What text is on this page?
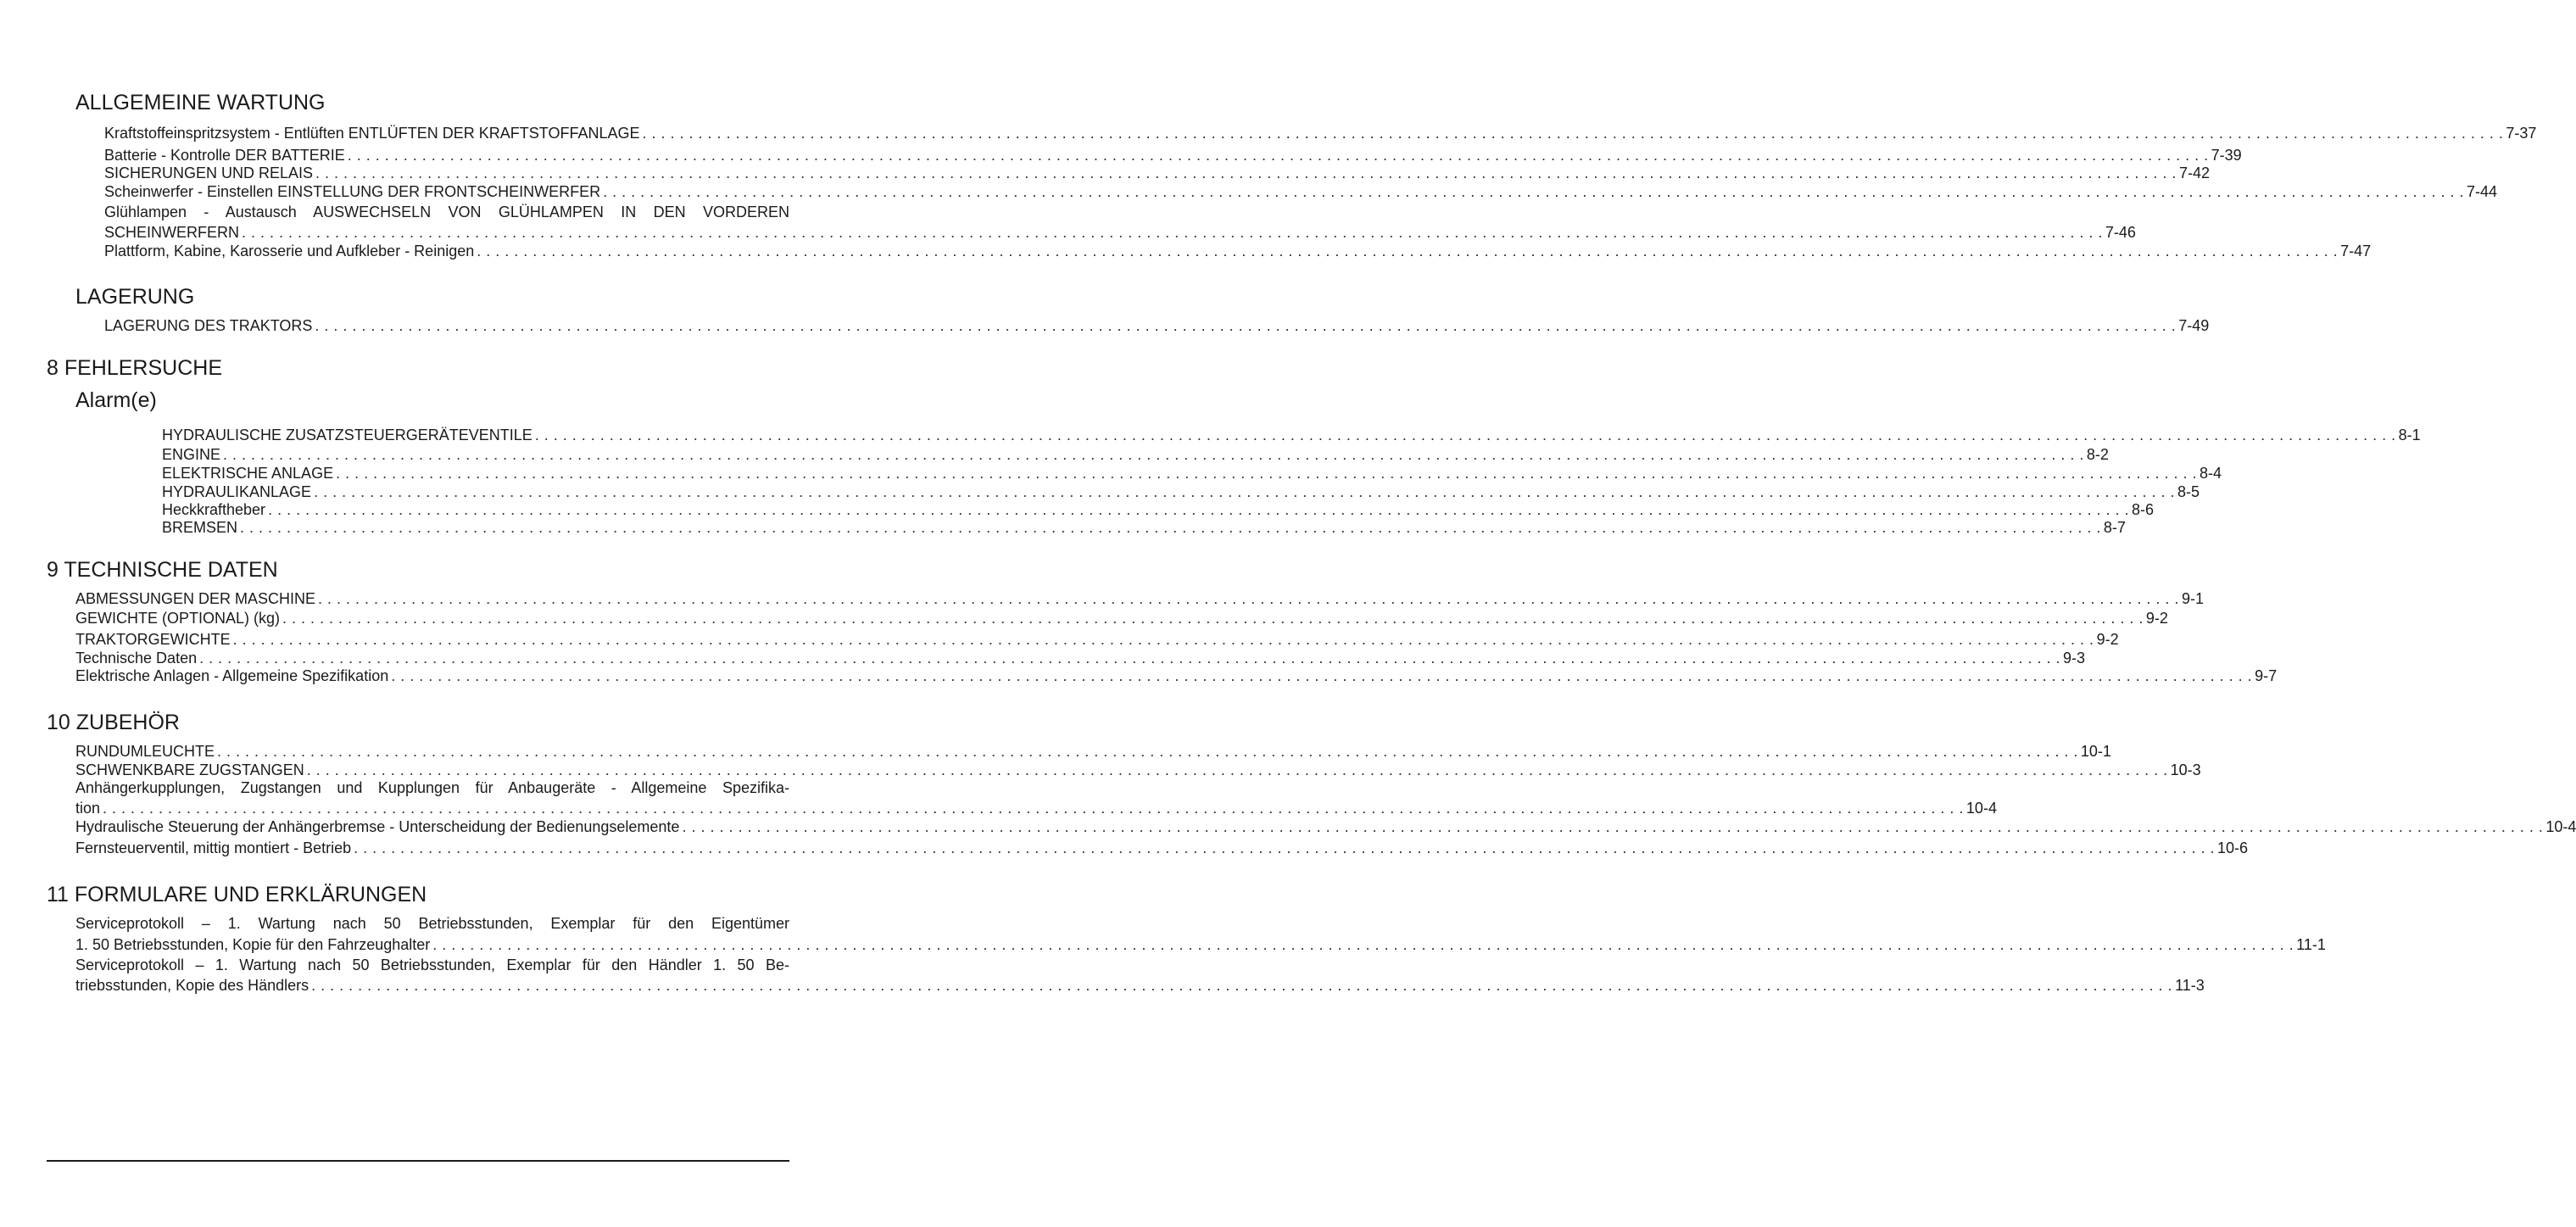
ALLGEMEINE WARTUNG
Kraftstoffeinspritzsystem - Entlüften ENTLÜFTEN DER KRAFTSTOFFANLAGE . . . . . . . . . . . . . . . . . . . . . . . . . . . . . . . . . . . . . . . . . . . . . . . . . . . . . . . . . . . . . . . . . . . . . . . . . . . . . . . . . . . . . . . . . . . . . . . . . . . . . . . . . . . . . . . . . . . . . . . . . . . . . . . . . . . . . . . . . . . . . . . . . . . . . . . . . . . . . . . . . . . . . . . . . . . . . . . . . . . . . . . . . . . . . . . . . . . . . . . . 7-37
Batterie - Kontrolle DER BATTERIE . . . . . . . . . . . . . . . . . . . . . . . . . . . . . . . . . . . . . . . . . . . . . . . . . . . . . . . . . . . . . . . . . . . . . . . . . . . . . . . . . . . . . . . . . . . . . . . . . . . . . . . . . . . . . . . . . . . . . . . . . . . . . . . . . . . . . . . . . . . . . . . . . . . . . . . . . . . . . . . . . . . . . . . . . . . . . . . . . . . . . . . . . . . . . . . . . . . . . . . . 7-39
SICHERUNGEN UND RELAIS . . . . . . . . . . . . . . . . . . . . . . . . . . . . . . . . . . . . . . . . . . . . . . . . . . . . . . . . . . . . . . . . . . . . . . . . . . . . . . . . . . . . . . . . . . . . . . . . . . . . . . . . . . . . . . . . . . . . . . . . . . . . . . . . . . . . . . . . . . . . . . . . . . . . . . . . . . . . . . . . . . . . . . . . . . . . . . . . . . . . . . . . . . . . . . . . . . . . . . . . 7-42
Scheinwerfer - Einstellen EINSTELLUNG DER FRONTSCHEINWERFER . . . . . . . . . . . . . . . . . . . . . . . . . . . . . . . . . . . . . . . . . . . . . . . . . . . . . . . . . . . . . . . . . . . . . . . . . . . . . . . . . . . . . . . . . . . . . . . . . . . . . . . . . . . . . . . . . . . . . . . . . . . . . . . . . . . . . . . . . . . . . . . . . . . . . . . . . . . . . . . . . . . . . . . . . . . . . . . . . . . . . . . . . . . . . . . . . . . . . . . . 7-44
Glühlampen - Austausch AUSWECHSELN VON GLÜHLAMPEN IN DEN VORDEREN
SCHEINWERFERN . . . . . . . . . . . . . . . . . . . . . . . . . . . . . . . . . . . . . . . . . . . . . . . . . . . . . . . . . . . . . . . . . . . . . . . . . . . . . . . . . . . . . . . . . . . . . . . . . . . . . . . . . . . . . . . . . . . . . . . . . . . . . . . . . . . . . . . . . . . . . . . . . . . . . . . . . . . . . . . . . . . . . . . . . . . . . . . . . . . . . . . . . . . . . . . . . . . . . . . . 7-46
Plattform, Kabine, Karosserie und Aufkleber - Reinigen . . . . . . . . . . . . . . . . . . . . . . . . . . . . . . . . . . . . . . . . . . . . . . . . . . . . . . . . . . . . . . . . . . . . . . . . . . . . . . . . . . . . . . . . . . . . . . . . . . . . . . . . . . . . . . . . . . . . . . . . . . . . . . . . . . . . . . . . . . . . . . . . . . . . . . . . . . . . . . . . . . . . . . . . . . . . . . . . . . . . . . . . . . . . . . . . . . . . . . . . 7-47
LAGERUNG
LAGERUNG DES TRAKTORS . . . . . . . . . . . . . . . . . . . . . . . . . . . . . . . . . . . . . . . . . . . . . . . . . . . . . . . . . . . . . . . . . . . . . . . . . . . . . . . . . . . . . . . . . . . . . . . . . . . . . . . . . . . . . . . . . . . . . . . . . . . . . . . . . . . . . . . . . . . . . . . . . . . . . . . . . . . . . . . . . . . . . . . . . . . . . . . . . . . . . . . . . . . . . . . . . . . . . . . . 7-49
8 FEHLERSUCHE
Alarm(e)
HYDRAULISCHE ZUSATZSTEUERGERÄTEVENTILE . . . . . . . . . . . . . . . . . . . . . . . . . . . . . . . . . . . . . . . . . . . . . . . . . . . . . . . . . . . . . . . . . . . . . . . . . . . . . . . . . . . . . . . . . . . . . . . . . . . . . . . . . . . . . . . . . . . . . . . . . . . . . . . . . . . . . . . . . . . . . . . . . . . . . . . . . . . . . . . . . . . . . . . . . . . . . . . . . . . . . . . . . . . . . . . . . . . . . . . . 8-1
ENGINE . . . . . . . . . . . . . . . . . . . . . . . . . . . . . . . . . . . . . . . . . . . . . . . . . . . . . . . . . . . . . . . . . . . . . . . . . . . . . . . . . . . . . . . . . . . . . . . . . . . . . . . . . . . . . . . . . . . . . . . . . . . . . . . . . . . . . . . . . . . . . . . . . . . . . . . . . . . . . . . . . . . . . . . . . . . . . . . . . . . . . . . . . . . . . . . . . . . . . . . . 8-2
ELEKTRISCHE ANLAGE . . . . . . . . . . . . . . . . . . . . . . . . . . . . . . . . . . . . . . . . . . . . . . . . . . . . . . . . . . . . . . . . . . . . . . . . . . . . . . . . . . . . . . . . . . . . . . . . . . . . . . . . . . . . . . . . . . . . . . . . . . . . . . . . . . . . . . . . . . . . . . . . . . . . . . . . . . . . . . . . . . . . . . . . . . . . . . . . . . . . . . . . . . . . . . . . . . . . . . . . 8-4
HYDRAULIKANLAGE . . . . . . . . . . . . . . . . . . . . . . . . . . . . . . . . . . . . . . . . . . . . . . . . . . . . . . . . . . . . . . . . . . . . . . . . . . . . . . . . . . . . . . . . . . . . . . . . . . . . . . . . . . . . . . . . . . . . . . . . . . . . . . . . . . . . . . . . . . . . . . . . . . . . . . . . . . . . . . . . . . . . . . . . . . . . . . . . . . . . . . . . . . . . . . . . . . . . . . . . 8-5
Heckkraftheber . . . . . . . . . . . . . . . . . . . . . . . . . . . . . . . . . . . . . . . . . . . . . . . . . . . . . . . . . . . . . . . . . . . . . . . . . . . . . . . . . . . . . . . . . . . . . . . . . . . . . . . . . . . . . . . . . . . . . . . . . . . . . . . . . . . . . . . . . . . . . . . . . . . . . . . . . . . . . . . . . . . . . . . . . . . . . . . . . . . . . . . . . . . . . . . . . . . . . . . . 8-6
BREMSEN . . . . . . . . . . . . . . . . . . . . . . . . . . . . . . . . . . . . . . . . . . . . . . . . . . . . . . . . . . . . . . . . . . . . . . . . . . . . . . . . . . . . . . . . . . . . . . . . . . . . . . . . . . . . . . . . . . . . . . . . . . . . . . . . . . . . . . . . . . . . . . . . . . . . . . . . . . . . . . . . . . . . . . . . . . . . . . . . . . . . . . . . . . . . . . . . . . . . . . . . 8-7
9 TECHNISCHE DATEN
ABMESSUNGEN DER MASCHINE . . . . . . . . . . . . . . . . . . . . . . . . . . . . . . . . . . . . . . . . . . . . . . . . . . . . . . . . . . . . . . . . . . . . . . . . . . . . . . . . . . . . . . . . . . . . . . . . . . . . . . . . . . . . . . . . . . . . . . . . . . . . . . . . . . . . . . . . . . . . . . . . . . . . . . . . . . . . . . . . . . . . . . . . . . . . . . . . . . . . . . . . . . . . . . . . . . . . . . . . 9-1
GEWICHTE (OPTIONAL) (kg) . . . . . . . . . . . . . . . . . . . . . . . . . . . . . . . . . . . . . . . . . . . . . . . . . . . . . . . . . . . . . . . . . . . . . . . . . . . . . . . . . . . . . . . . . . . . . . . . . . . . . . . . . . . . . . . . . . . . . . . . . . . . . . . . . . . . . . . . . . . . . . . . . . . . . . . . . . . . . . . . . . . . . . . . . . . . . . . . . . . . . . . . . . . . . . . . . . . . . . . . 9-2
TRAKTORGEWICHTE . . . . . . . . . . . . . . . . . . . . . . . . . . . . . . . . . . . . . . . . . . . . . . . . . . . . . . . . . . . . . . . . . . . . . . . . . . . . . . . . . . . . . . . . . . . . . . . . . . . . . . . . . . . . . . . . . . . . . . . . . . . . . . . . . . . . . . . . . . . . . . . . . . . . . . . . . . . . . . . . . . . . . . . . . . . . . . . . . . . . . . . . . . . . . . . . . . . . . . . . 9-2
Technische Daten . . . . . . . . . . . . . . . . . . . . . . . . . . . . . . . . . . . . . . . . . . . . . . . . . . . . . . . . . . . . . . . . . . . . . . . . . . . . . . . . . . . . . . . . . . . . . . . . . . . . . . . . . . . . . . . . . . . . . . . . . . . . . . . . . . . . . . . . . . . . . . . . . . . . . . . . . . . . . . . . . . . . . . . . . . . . . . . . . . . . . . . . . . . . . . . . . . . . . . . . 9-3
Elektrische Anlagen - Allgemeine Spezifikation . . . . . . . . . . . . . . . . . . . . . . . . . . . . . . . . . . . . . . . . . . . . . . . . . . . . . . . . . . . . . . . . . . . . . . . . . . . . . . . . . . . . . . . . . . . . . . . . . . . . . . . . . . . . . . . . . . . . . . . . . . . . . . . . . . . . . . . . . . . . . . . . . . . . . . . . . . . . . . . . . . . . . . . . . . . . . . . . . . . . . . . . . . . . . . . . . . . . . . . . 9-7
10 ZUBEHÖR
RUNDUMLEUCHTE . . . . . . . . . . . . . . . . . . . . . . . . . . . . . . . . . . . . . . . . . . . . . . . . . . . . . . . . . . . . . . . . . . . . . . . . . . . . . . . . . . . . . . . . . . . . . . . . . . . . . . . . . . . . . . . . . . . . . . . . . . . . . . . . . . . . . . . . . . . . . . . . . . . . . . . . . . . . . . . . . . . . . . . . . . . . . . . . . . . . . . . . . . . . . . . . . . . . . . . . 10-1
SCHWENKBARE ZUGSTANGEN . . . . . . . . . . . . . . . . . . . . . . . . . . . . . . . . . . . . . . . . . . . . . . . . . . . . . . . . . . . . . . . . . . . . . . . . . . . . . . . . . . . . . . . . . . . . . . . . . . . . . . . . . . . . . . . . . . . . . . . . . . . . . . . . . . . . . . . . . . . . . . . . . . . . . . . . . . . . . . . . . . . . . . . . . . . . . . . . . . . . . . . . . . . . . . . . . . . . . . . . 10-3
Anhängerkupplungen, Zugstangen und Kupplungen für Anbaugeräte - Allgemeine Spezifika-
tion . . . . . . . . . . . . . . . . . . . . . . . . . . . . . . . . . . . . . . . . . . . . . . . . . . . . . . . . . . . . . . . . . . . . . . . . . . . . . . . . . . . . . . . . . . . . . . . . . . . . . . . . . . . . . . . . . . . . . . . . . . . . . . . . . . . . . . . . . . . . . . . . . . . . . . . . . . . . . . . . . . . . . . . . . . . . . . . . . . . . . . . . . . . . . . . . . . . . . . . . 10-4
Hydraulische Steuerung der Anhängerbremse - Unterscheidung der Bedienungselemente . . . . . . . . . . . . . . . . . . . . . . . . . . . . . . . . . . . . . . . . . . . . . . . . . . . . . . . . . . . . . . . . . . . . . . . . . . . . . . . . . . . . . . . . . . . . . . . . . . . . . . . . . . . . . . . . . . . . . . . . . . . . . . . . . . . . . . . . . . . . . . . . . . . . . . . . . . . . . . . . . . . . . . . . . . . . . . . . . . . . . . . . . . . . . . . . . . . . . . . . 10-4
Fernsteuerventil, mittig montiert - Betrieb . . . . . . . . . . . . . . . . . . . . . . . . . . . . . . . . . . . . . . . . . . . . . . . . . . . . . . . . . . . . . . . . . . . . . . . . . . . . . . . . . . . . . . . . . . . . . . . . . . . . . . . . . . . . . . . . . . . . . . . . . . . . . . . . . . . . . . . . . . . . . . . . . . . . . . . . . . . . . . . . . . . . . . . . . . . . . . . . . . . . . . . . . . . . . . . . . . . . . . . . 10-6
11 FORMULARE UND ERKLÄRUNGEN
Serviceprotokoll – 1. Wartung nach 50 Betriebsstunden, Exemplar für den Eigentümer
1. 50 Betriebsstunden, Kopie für den Fahrzeughalter . . . . . . . . . . . . . . . . . . . . . . . . . . . . . . . . . . . . . . . . . . . . . . . . . . . . . . . . . . . . . . . . . . . . . . . . . . . . . . . . . . . . . . . . . . . . . . . . . . . . . . . . . . . . . . . . . . . . . . . . . . . . . . . . . . . . . . . . . . . . . . . . . . . . . . . . . . . . . . . . . . . . . . . . . . . . . . . . . . . . . . . . . . . . . . . . . . . . . . . . 11-1
Serviceprotokoll – 1. Wartung nach 50 Betriebsstunden, Exemplar für den Händler 1. 50 Be-
triebsstunden, Kopie des Händlers . . . . . . . . . . . . . . . . . . . . . . . . . . . . . . . . . . . . . . . . . . . . . . . . . . . . . . . . . . . . . . . . . . . . . . . . . . . . . . . . . . . . . . . . . . . . . . . . . . . . . . . . . . . . . . . . . . . . . . . . . . . . . . . . . . . . . . . . . . . . . . . . . . . . . . . . . . . . . . . . . . . . . . . . . . . . . . . . . . . . . . . . . . . . . . . . . . . . . . . . 11-3
